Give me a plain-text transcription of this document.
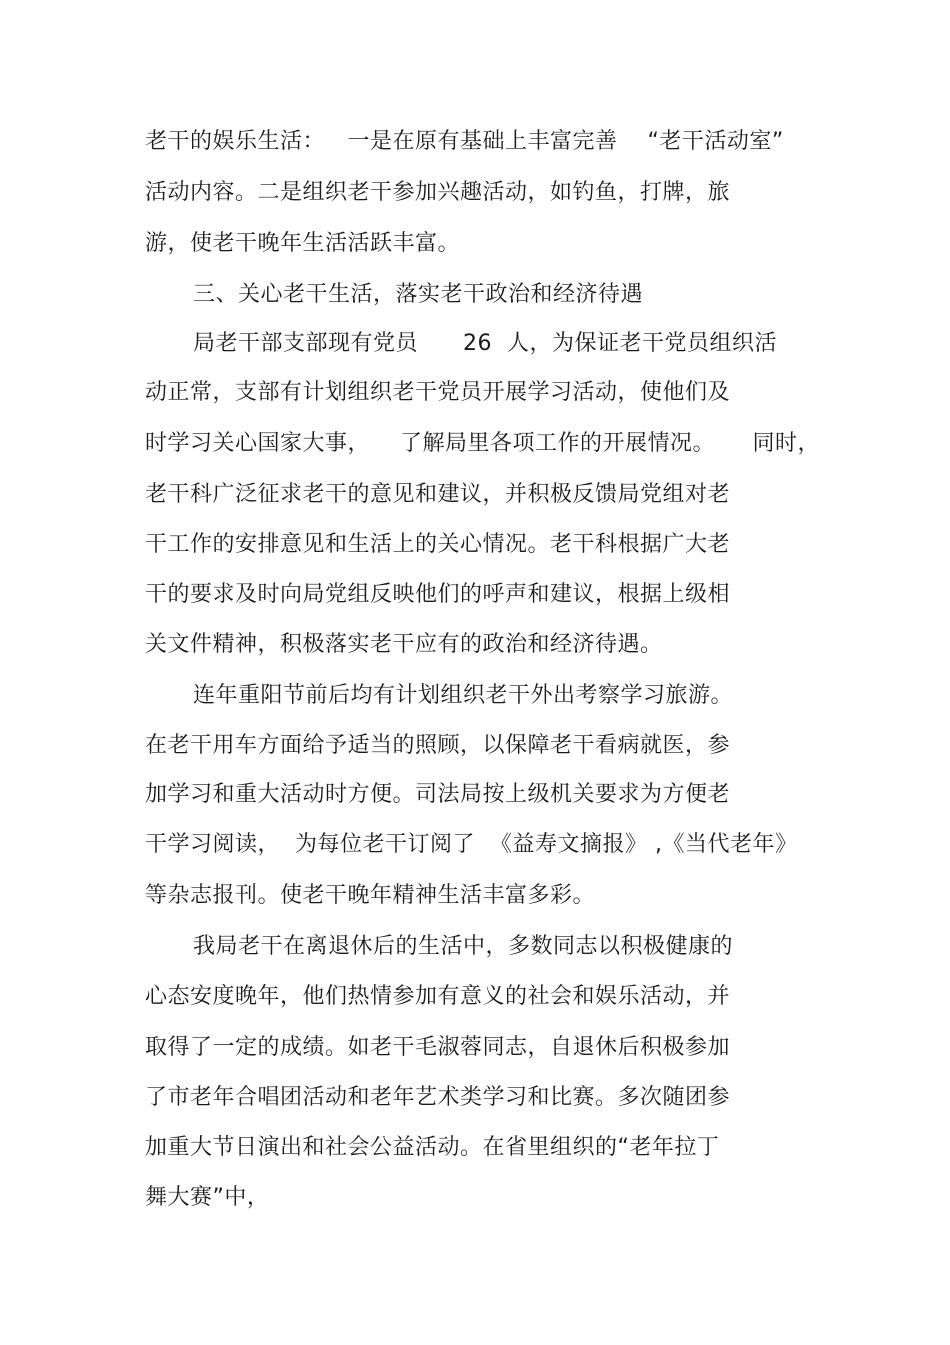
老干的娱乐生活：   一是在原有基础上丰富完善    “老干活动室”
活动内容。二是组织老干参加兴趣活动，如钓鱼，打牌，旅
游，使老干晚年生活活跃丰富。
三、关心老干生活，落实老干政治和经济待遇
局老干部支部现有党员      26  人，为保证老干党员组织活
动正常，支部有计划组织老干党员开展学习活动，使他们及
时学习关心国家大事，    了解局里各项工作的开展情况。     同时，
老干科广泛征求老干的意见和建议，并积极反馈局党组对老
干工作的安排意见和生活上的关心情况。老干科根据广大老
干的要求及时向局党组反映他们的呼声和建议，根据上级相
关文件精神，积极落实老干应有的政治和经济待遇。
连年重阳节前后均有计划组织老干外出考察学习旅游。
在老干用车方面给予适当的照顾，以保障老干看病就医，参
加学习和重大活动时方便。司法局按上级机关要求为方便老
干学习阅读，  为每位老干订阅了  《益寿文摘报》 ,《当代老年》
等杂志报刊。使老干晚年精神生活丰富多彩。
我局老干在离退休后的生活中，多数同志以积极健康的
心态安度晚年，他们热情参加有意义的社会和娱乐活动，并
取得了一定的成绩。如老干毛淑蓉同志，自退休后积极参加
了市老年合唱团活动和老年艺术类学习和比赛。多次随团参
加重大节日演出和社会公益活动。在省里组织的“老年拉丁
舞大赛”中，
